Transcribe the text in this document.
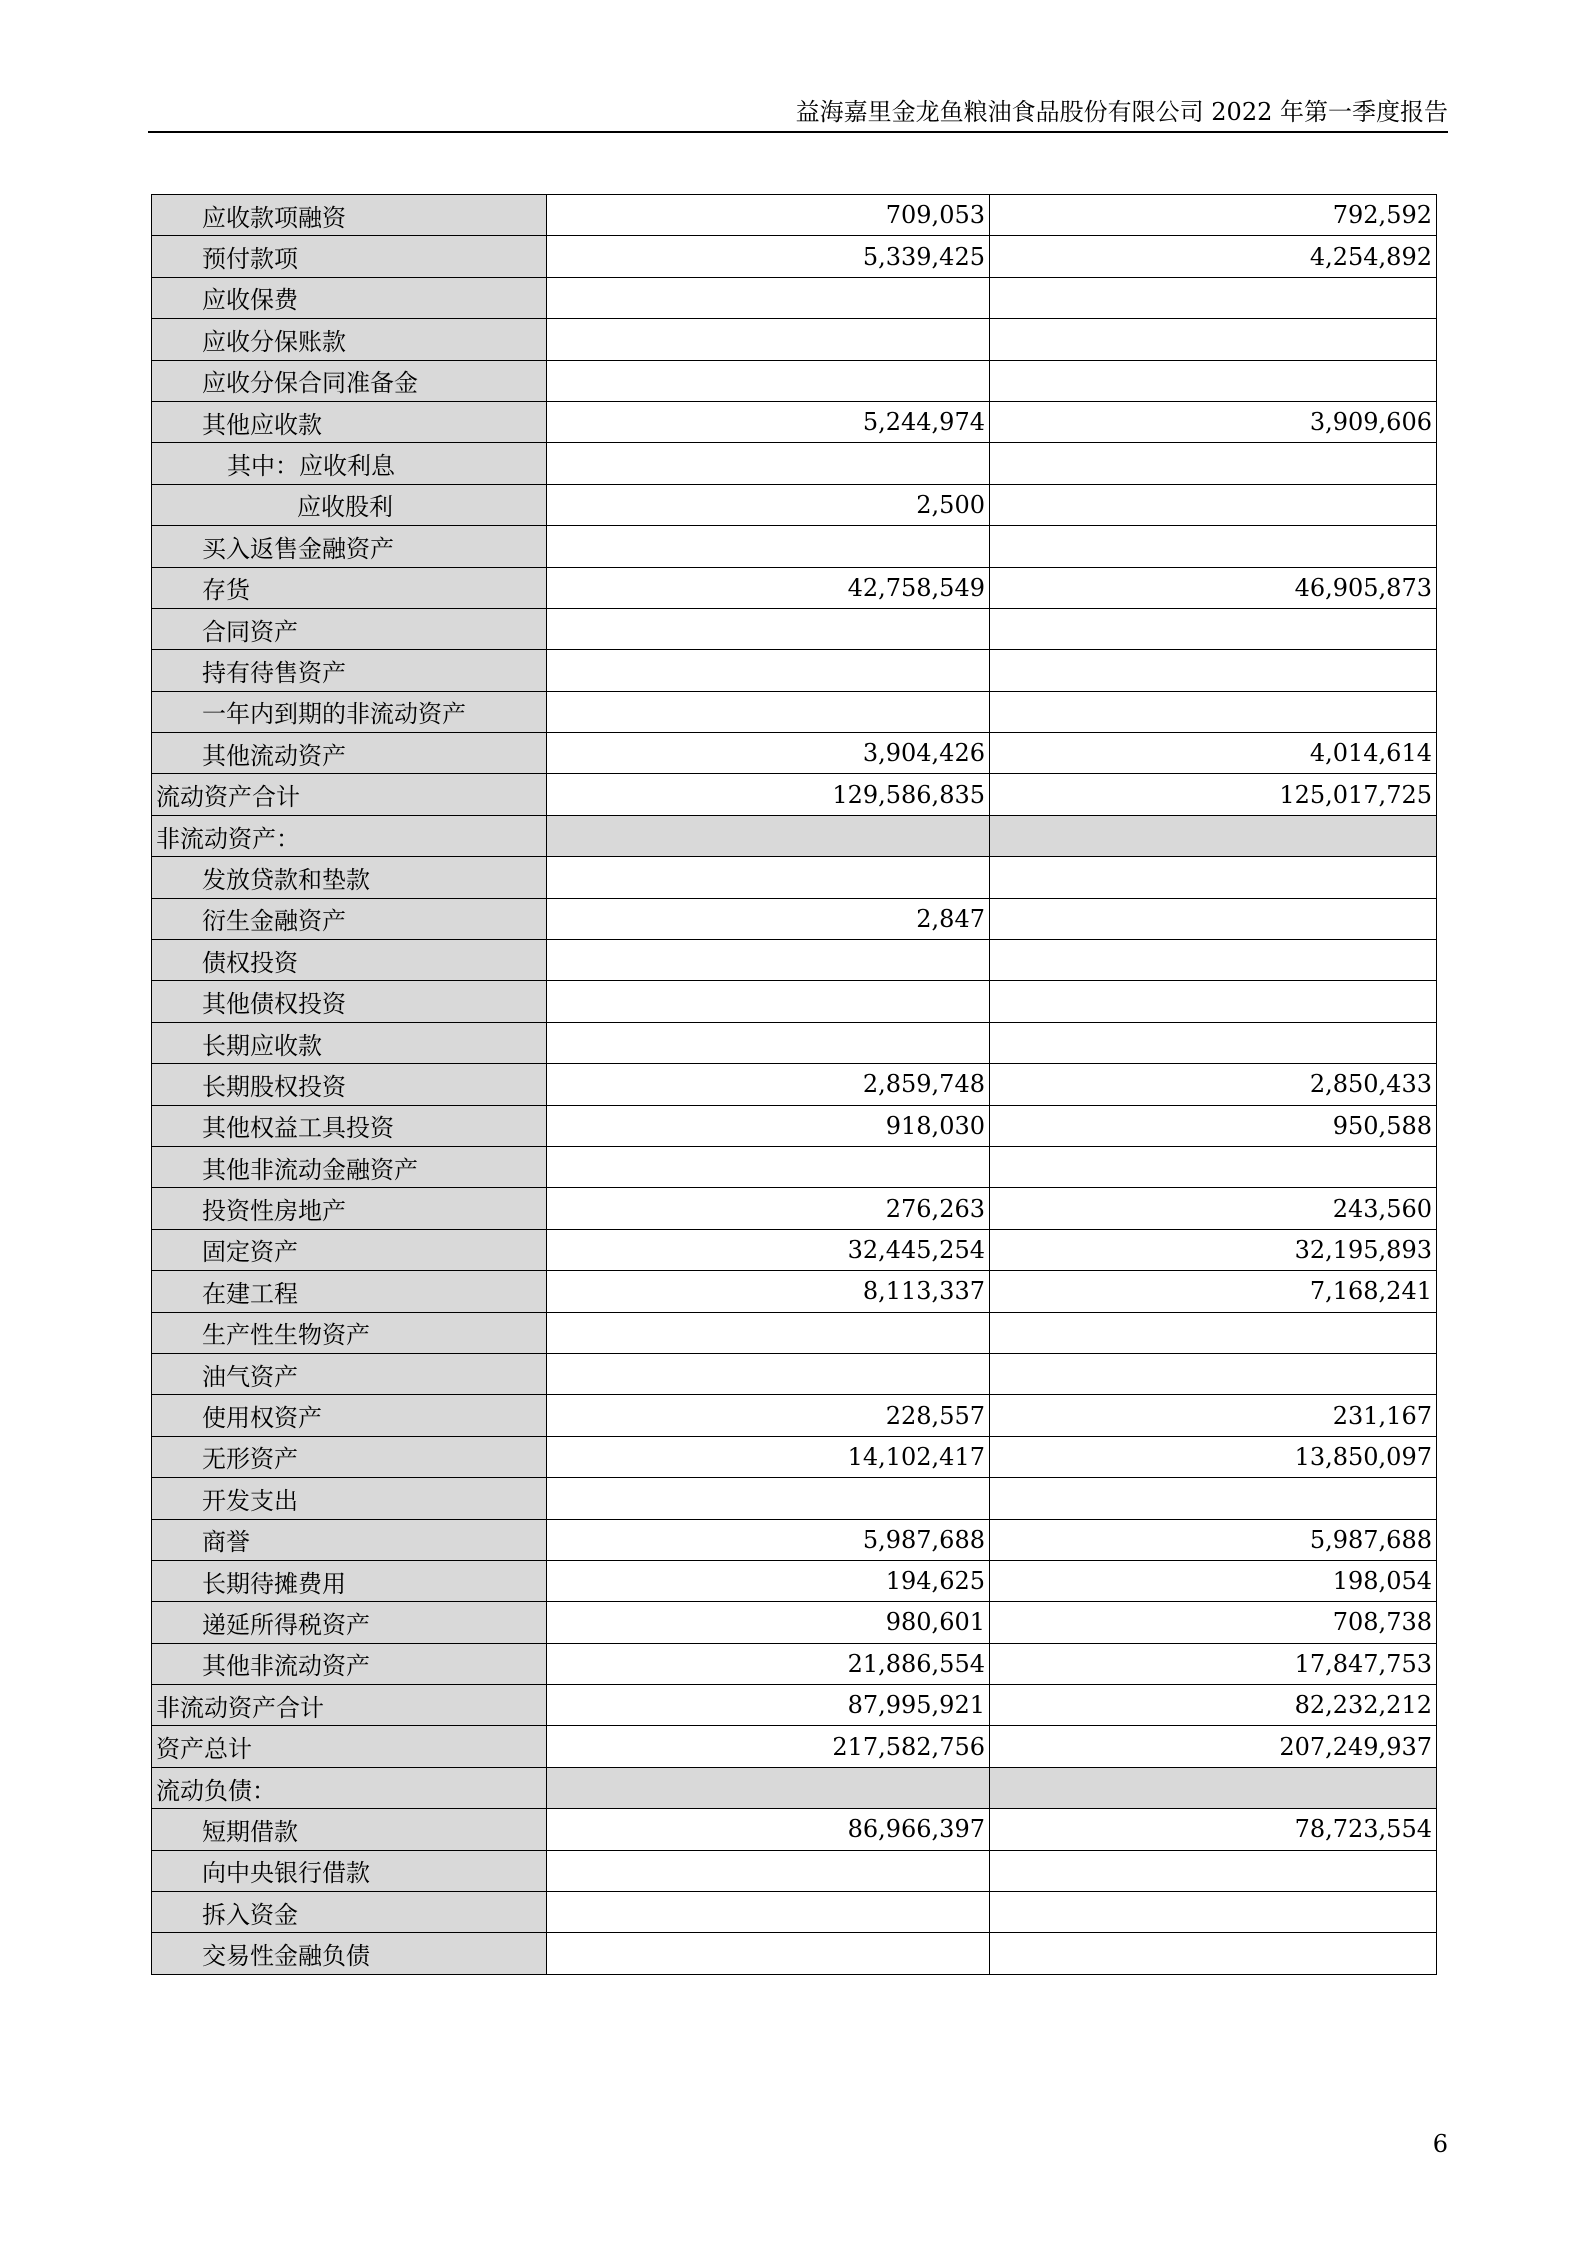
益海嘉里金龙鱼粮油食品股份有限公司 2022 年第一季度报告
应收款项融资	709,053	792,592
预付款项	5,339,425	4,254,892
应收保费		
应收分保账款		
应收分保合同准备金		
其他应收款	5,244,974	3,909,606
其中：应收利息		
应收股利	2,500	
买入返售金融资产		
存货	42,758,549	46,905,873
合同资产		
持有待售资产		
一年内到期的非流动资产		
其他流动资产	3,904,426	4,014,614
流动资产合计	129,586,835	125,017,725
非流动资产：		
发放贷款和垫款		
衍生金融资产	2,847	
债权投资		
其他债权投资		
长期应收款		
长期股权投资	2,859,748	2,850,433
其他权益工具投资	918,030	950,588
其他非流动金融资产		
投资性房地产	276,263	243,560
固定资产	32,445,254	32,195,893
在建工程	8,113,337	7,168,241
生产性生物资产		
油气资产		
使用权资产	228,557	231,167
无形资产	14,102,417	13,850,097
开发支出		
商誉	5,987,688	5,987,688
长期待摊费用	194,625	198,054
递延所得税资产	980,601	708,738
其他非流动资产	21,886,554	17,847,753
非流动资产合计	87,995,921	82,232,212
资产总计	217,582,756	207,249,937
流动负债：		
短期借款	86,966,397	78,723,554
向中央银行借款		
拆入资金		
交易性金融负债		
6
